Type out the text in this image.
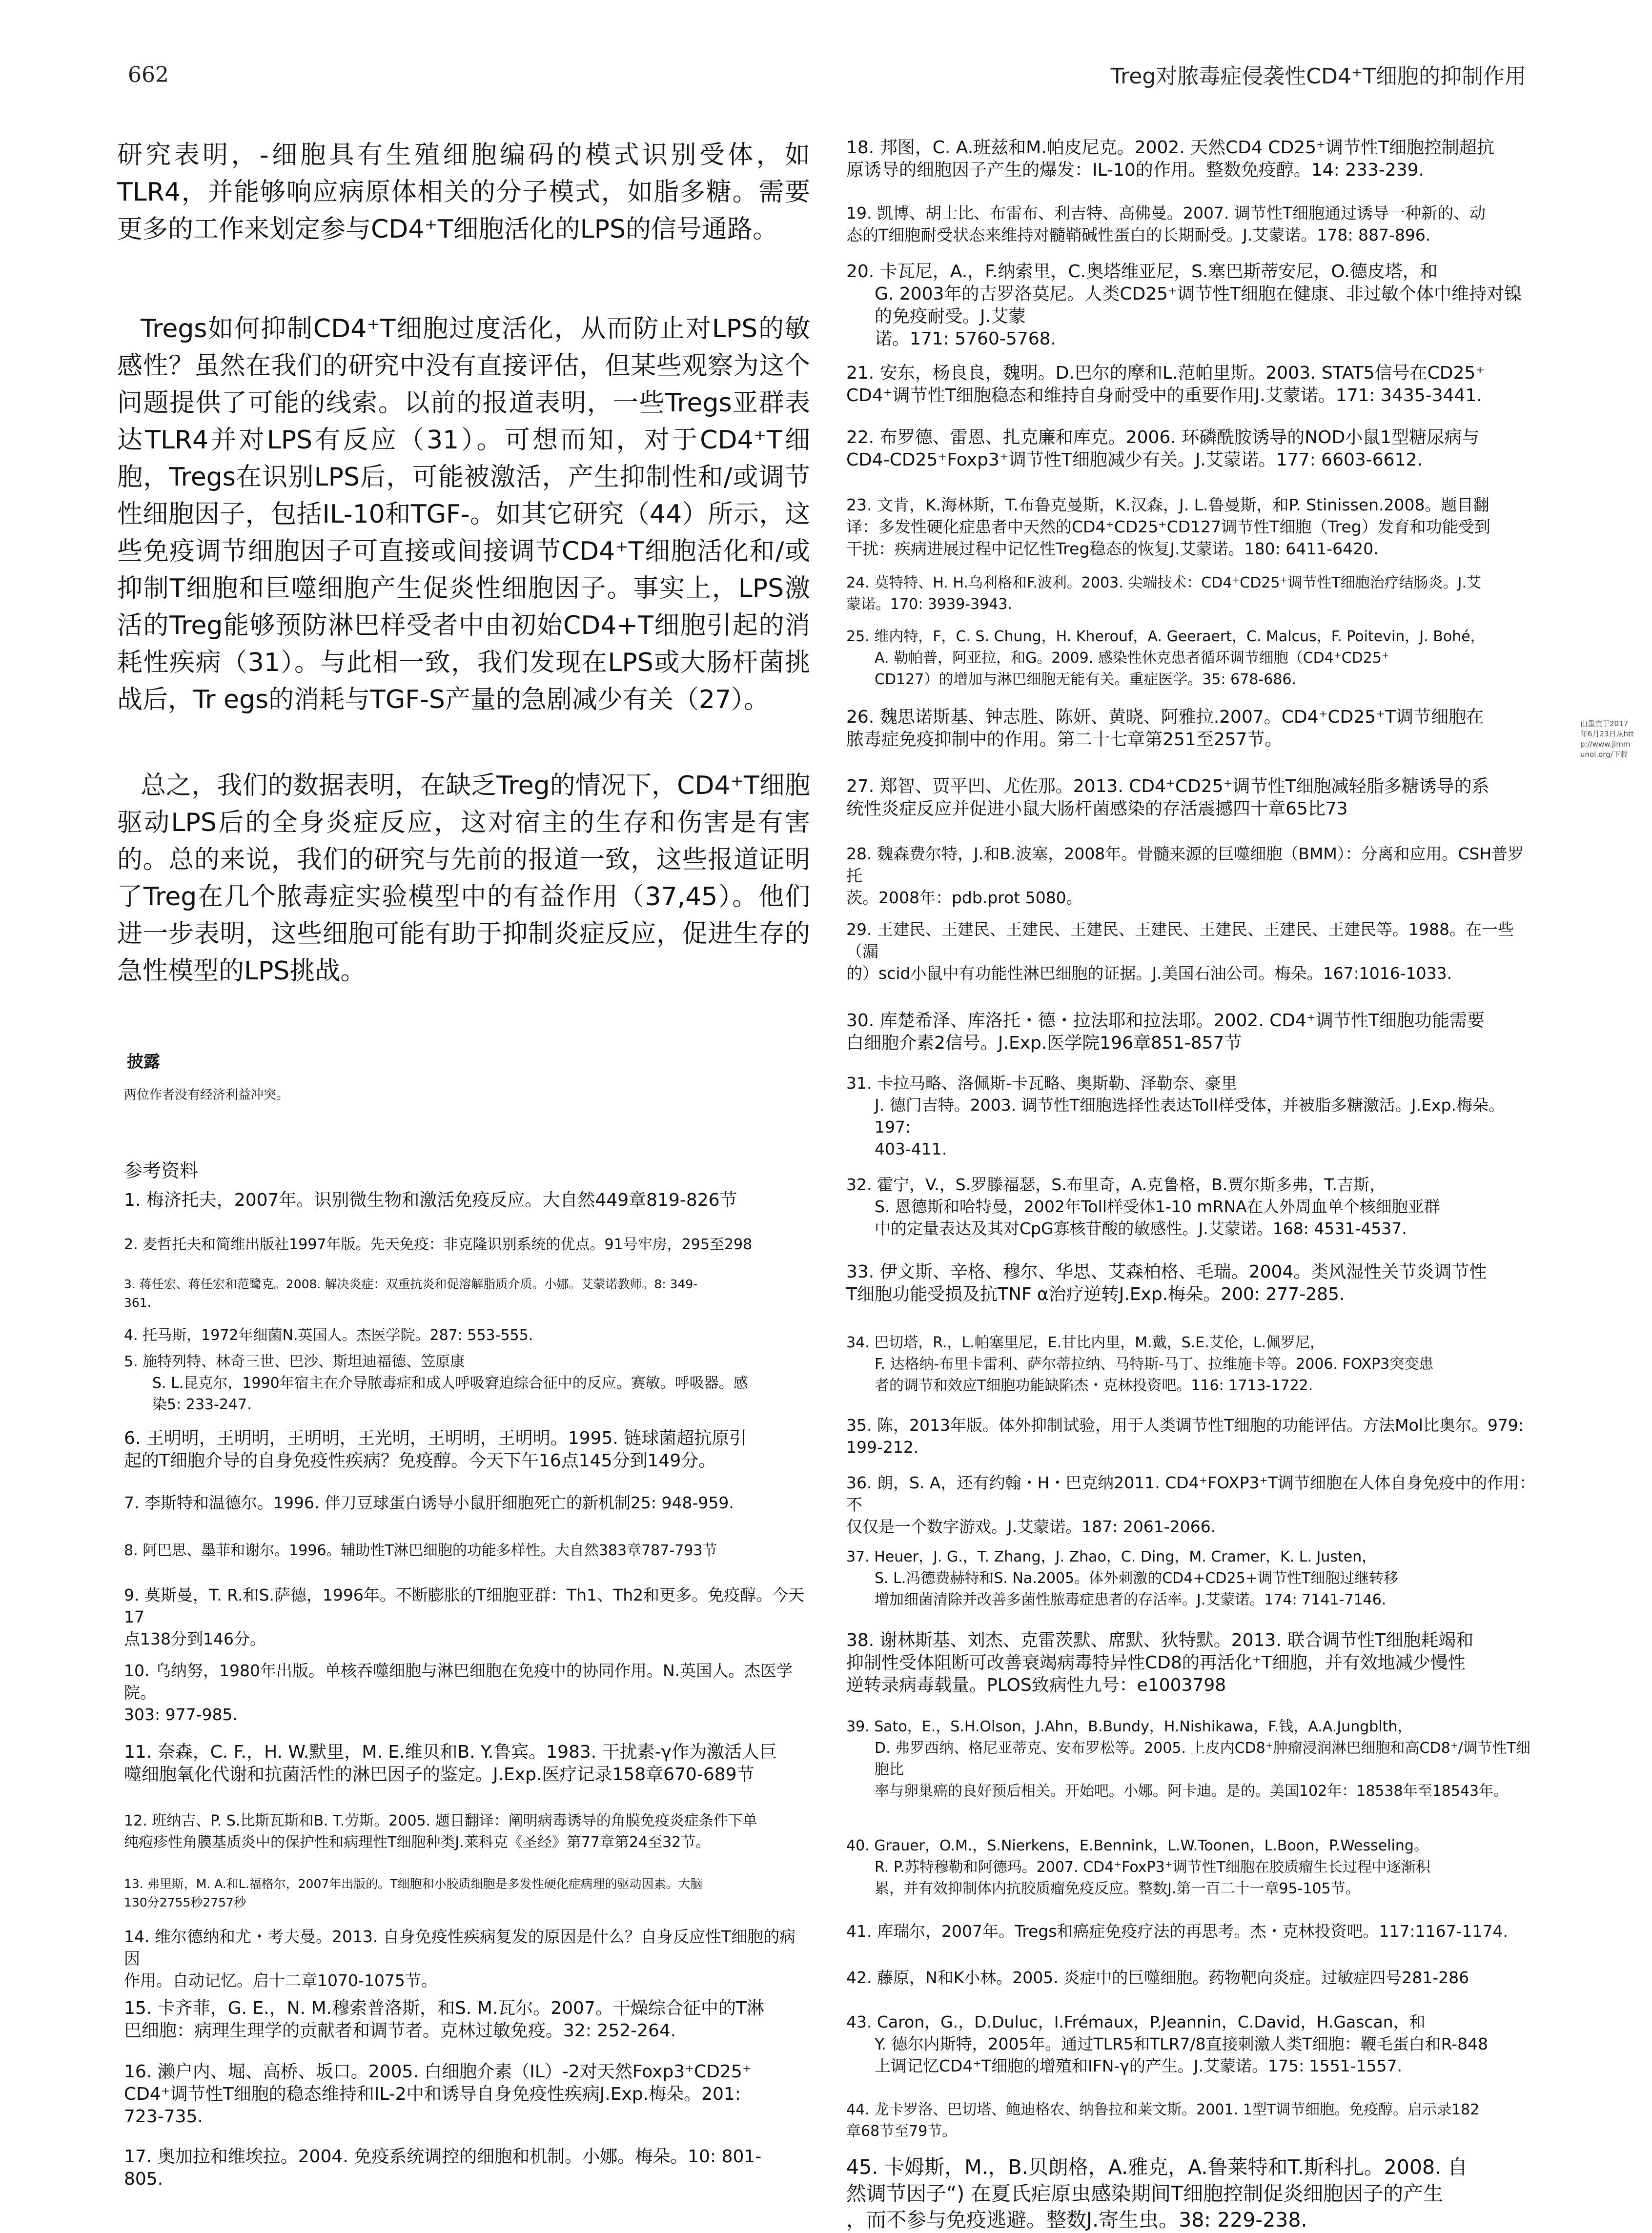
662	Treg对脓毒症侵袭性CD4⁺T细胞的抑制作用

研究表明，-细胞具有生殖细胞编码的模式识别受体，如TLR4，并能够响应病原体相关的分子模式，如脂多糖。需要更多的工作来划定参与CD4⁺T细胞活化的LPS的信号通路。

Tregs如何抑制CD4⁺T细胞过度活化，从而防止对LPS的敏感性？虽然在我们的研究中没有直接评估，但某些观察为这个问题提供了可能的线索。以前的报道表明，一些Tregs亚群表达TLR4并对LPS有反应（31）。可想而知，对于CD4⁺T细胞，Tregs在识别LPS后，可能被激活，产生抑制性和/或调节性细胞因子，包括IL-10和TGF-。如其它研究（44）所示，这些免疫调节细胞因子可直接或间接调节CD4⁺T细胞活化和/或抑制T细胞和巨噬细胞产生促炎性细胞因子。事实上，LPS激活的Treg能够预防淋巴样受者中由初始CD4+T细胞引起的消耗性疾病（31）。与此相一致，我们发现在LPS或大肠杆菌挑战后，Tr egs的消耗与TGF-S产量的急剧减少有关（27）。

总之，我们的数据表明，在缺乏Treg的情况下，CD4⁺T细胞驱动LPS后的全身炎症反应，这对宿主的生存和伤害是有害的。总的来说，我们的研究与先前的报道一致，这些报道证明了Treg在几个脓毒症实验模型中的有益作用（37,45）。他们进一步表明，这些细胞可能有助于抑制炎症反应，促进生存的急性模型的LPS挑战。

披露
两位作者没有经济利益冲突。
参考资料
1. 梅济托夫，2007年。识别微生物和激活免疫反应。大自然449章819-826节
2. 麦哲托夫和简维出版社1997年版。先天免疫：非克隆识别系统的优点。91号牢房，295至298
3. 蒋任宏、蒋任宏和范鹭克。2008. 解决炎症：双重抗炎和促溶解脂质介质。小娜。艾蒙诺教师。8: 349-
361.
4. 托马斯，1972年细菌N.英国人。杰医学院。287: 553-555.
5. 施特列特、林奇三世、巴沙、斯坦迪福德、笠原康
S. L.昆克尔，1990年宿主在介导脓毒症和成人呼吸窘迫综合征中的反应。赛敏。呼吸器。感
染5: 233-247.
6. 王明明，王明明，王明明，王光明，王明明，王明明。1995. 链球菌超抗原引
起的T细胞介导的自身免疫性疾病？免疫醇。今天下午16点145分到149分。
7. 李斯特和温德尔。1996. 伴刀豆球蛋白诱导小鼠肝细胞死亡的新机制25: 948-959.
8. 阿巴思、墨菲和谢尔。1996。辅助性T淋巴细胞的功能多样性。大自然383章787-793节
9. 莫斯曼，T. R.和S.萨德，1996年。不断膨胀的T细胞亚群：Th1、Th2和更多。免疫醇。今天17
点138分到146分。
10. 乌纳努，1980年出版。单核吞噬细胞与淋巴细胞在免疫中的协同作用。N.英国人。杰医学院。
303: 977-985.
11. 奈森，C. F.，H. W.默里，M. E.维贝和B. Y.鲁宾。1983. 干扰素-γ作为激活人巨
噬细胞氧化代谢和抗菌活性的淋巴因子的鉴定。J.Exp.医疗记录158章670-689节
12. 班纳吉、P. S.比斯瓦斯和B. T.劳斯。2005. 题目翻译：阐明病毒诱导的角膜免疫炎症条件下单
纯疱疹性角膜基质炎中的保护性和病理性T细胞种类J.莱科克《圣经》第77章第24至32节。
13. 弗里斯，M. A.和L.福格尔，2007年出版的。T细胞和小胶质细胞是多发性硬化症病理的驱动因素。大脑
130分2755秒2757秒
14. 维尔德纳和尤・考夫曼。2013. 自身免疫性疾病复发的原因是什么？自身反应性T细胞的病因
作用。自动记忆。启十二章1070-1075节。
15. 卡齐菲，G. E.，N. M.穆索普洛斯，和S. M.瓦尔。2007。干燥综合征中的T淋
巴细胞：病理生理学的贡献者和调节者。克林过敏免疫。32: 252-264.
16. 濑户内、堀、高桥、坂口。2005. 白细胞介素（IL）-2对天然Foxp3⁺CD25⁺
CD4⁺调节性T细胞的稳态维持和IL-2中和诱导自身免疫性疾病J.Exp.梅朵。201:
723-735.
17. 奥加拉和维埃拉。2004. 免疫系统调控的细胞和机制。小娜。梅朵。10: 801-
805.
18. 邦图，C. A.班兹和M.帕皮尼克。2002. 天然CD4 CD25⁺调节性T细胞控制超抗
原诱导的细胞因子产生的爆发：IL-10的作用。整数免疫醇。14: 233-239.
19. 凯博、胡士比、布雷布、利吉特、高佛曼。2007. 调节性T细胞通过诱导一种新的、动
态的T细胞耐受状态来维持对髓鞘碱性蛋白的长期耐受。J.艾蒙诺。178: 887-896.
20. 卡瓦尼，A.，F.纳索里，C.奥塔维亚尼，S.塞巴斯蒂安尼，O.德皮塔，和
G. 2003年的吉罗洛莫尼。人类CD25⁺调节性T细胞在健康、非过敏个体中维持对镍的免疫耐受。J.艾蒙
诺。171: 5760-5768.
21. 安东，杨良良，魏明。D.巴尔的摩和L.范帕里斯。2003. STAT5信号在CD25⁺
CD4⁺调节性T细胞稳态和维持自身耐受中的重要作用J.艾蒙诺。171: 3435-3441.
22. 布罗德、雷恩、扎克廉和库克。2006. 环磷酰胺诱导的NOD小鼠1型糖尿病与
CD4-CD25⁺Foxp3⁺调节性T细胞减少有关。J.艾蒙诺。177: 6603-6612.
23. 文肯，K.海林斯，T.布鲁克曼斯，K.汉森，J. L.鲁曼斯，和P. Stinissen.2008。题目翻
译：多发性硬化症患者中天然的CD4⁺CD25⁺CD127调节性T细胞（Treg）发育和功能受到
干扰：疾病进展过程中记忆性Treg稳态的恢复J.艾蒙诺。180: 6411-6420.
24. 莫特特、H. H.乌利格和F.波利。2003. 尖端技术：CD4⁺CD25⁺调节性T细胞治疗结肠炎。J.艾
蒙诺。170: 3939-3943.
25. 维内特，F，C. S. Chung，H. Kherouf，A. Geeraert，C. Malcus，F. Poitevin，J. Bohé，
A. 勒帕普，阿亚拉，和G。2009. 感染性休克患者循环调节细胞（CD4⁺CD25⁺
CD127）的增加与淋巴细胞无能有关。重症医学。35: 678-686.
26. 魏思诺斯基、钟志胜、陈妍、黄晓、阿雅拉.2007。CD4⁺CD25⁺T调节细胞在
脓毒症免疫抑制中的作用。第二十七章第251至257节。
27. 郑智、贾平凹、尤佐那。2013. CD4⁺CD25⁺调节性T细胞减轻脂多糖诱导的系
统性炎症反应并促进小鼠大肠杆菌感染的存活震撼四十章65比73
28. 魏森费尔特，J.和B.波塞，2008年。骨髓来源的巨噬细胞（BMM）：分离和应用。CSH普罗托
茨。2008年：pdb.prot 5080。
29. 王建民、王建民、王建民、王建民、王建民、王建民、王建民、王建民等。1988。在一些（漏
的）scid小鼠中有功能性淋巴细胞的证据。J.美国石油公司。梅朵。167:1016-1033.
30. 库楚希泽、库洛托・德・拉法耶和拉法耶。2002. CD4⁺调节性T细胞功能需要
白细胞介素2信号。J.Exp.医学院196章851-857节
31. 卡拉马略、洛佩斯-卡瓦略、奥斯勒、泽勒奈、豪里
J. 德门吉特。2003. 调节性T细胞选择性表达Toll样受体，并被脂多糖激活。J.Exp.梅朵。197:
403-411.
32. 霍宁，V.，S.罗滕福瑟，S.布里奇，A.克鲁格，B.贾尔斯多弗，T.吉斯，
S. 恩德斯和哈特曼，2002年Toll样受体1-10 mRNA在人外周血单个核细胞亚群
中的定量表达及其对CpG寡核苷酸的敏感性。J.艾蒙诺。168: 4531-4537.
33. 伊文斯、辛格、穆尔、华思、艾森柏格、毛瑞。2004。类风湿性关节炎调节性
T细胞功能受损及抗TNF α治疗逆转J.Exp.梅朵。200: 277-285.
34. 巴切塔，R.，L.帕塞里尼，E.甘比内里，M.戴，S.E.艾伦，L.佩罗尼，
F. 达格纳-布里卡雷利、萨尔蒂拉纳、马特斯-马丁、拉维施卡等。2006. FOXP3突变患
者的调节和效应T细胞功能缺陷杰・克林投资吧。116: 1713-1722.
35. 陈，2013年版。体外抑制试验，用于人类调节性T细胞的功能评估。方法Mol比奥尔。979:
199-212.
36. 朗，S. A，还有约翰・H・巴克纳2011. CD4⁺FOXP3⁺T调节细胞在人体自身免疫中的作用：不
仅仅是一个数字游戏。J.艾蒙诺。187: 2061-2066.
37. Heuer，J. G.，T. Zhang，J. Zhao，C. Ding，M. Cramer，K. L. Justen，
S. L.冯德费赫特和S. Na.2005。体外刺激的CD4+CD25+调节性T细胞过继转移
增加细菌清除并改善多菌性脓毒症患者的存活率。J.艾蒙诺。174: 7141-7146.
38. 谢林斯基、刘杰、克雷茨默、席默、狄特默。2013. 联合调节性T细胞耗竭和
抑制性受体阻断可改善衰竭病毒特异性CD8的再活化⁺T细胞，并有效地减少慢性
逆转录病毒载量。PLOS致病性九号：e1003798
39. Sato，E.，S.H.Olson，J.Ahn，B.Bundy，H.Nishikawa，F.钱，A.A.Jungblth，
D. 弗罗西纳、格尼亚蒂克、安布罗松等。2005. 上皮内CD8⁺肿瘤浸润淋巴细胞和高CD8⁺/调节性T细胞比
率与卵巢癌的良好预后相关。开始吧。小娜。阿卡迪。是的。美国102年：18538年至18543年。
40. Grauer，O.M.，S.Nierkens，E.Bennink，L.W.Toonen，L.Boon，P.Wesseling。
R. P.苏特穆勒和阿德玛。2007. CD4⁺FoxP3⁺调节性T细胞在胶质瘤生长过程中逐渐积
累，并有效抑制体内抗胶质瘤免疫反应。整数J.第一百二十一章95-105节。
41. 库瑞尔，2007年。Tregs和癌症免疫疗法的再思考。杰・克林投资吧。117:1167-1174.
42. 藤原，N和K小林。2005. 炎症中的巨噬细胞。药物靶向炎症。过敏症四号281-286
43. Caron，G.，D.Duluc，I.Frémaux，P.Jeannin，C.David，H.Gascan，和
Y. 德尔内斯特，2005年。通过TLR5和TLR7/8直接刺激人类T细胞：鞭毛蛋白和R-848
上调记忆CD4⁺T细胞的增殖和IFN-γ的产生。J.艾蒙诺。175: 1551-1557.
44. 龙卡罗洛、巴切塔、鲍迪格农、纳鲁拉和莱文斯。2001. 1型T调节细胞。免疫醇。启示录182
章68节至79节。
45. 卡姆斯，M.，B.贝朗格，A.雅克，A.鲁莱特和T.斯科扎。2008. 自
然调节因子“) 在夏氏疟原虫感染期间T细胞控制促炎细胞因子的产生
，而不参与免疫逃避。整数J.寄生虫。38: 229-238.
由墨宜于2017年6月23日从http://www.jimmunol.org/下载
